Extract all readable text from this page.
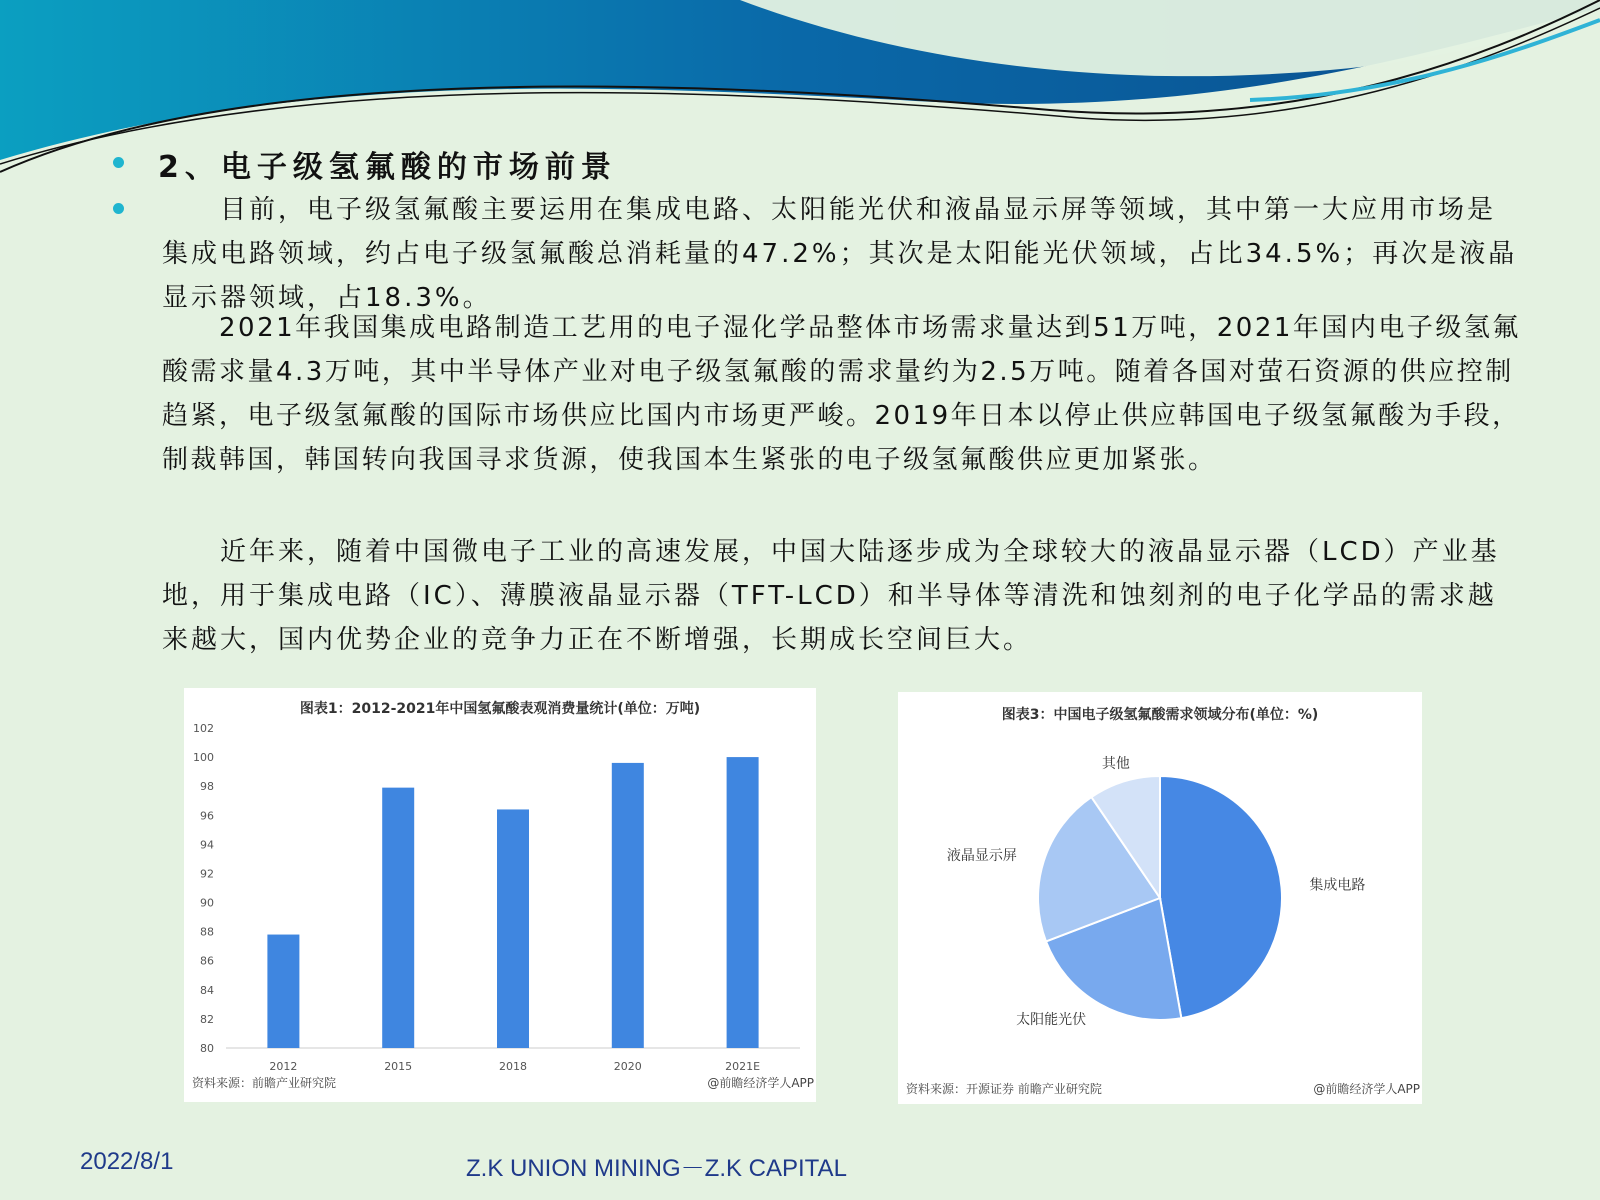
2、电子级氢氟酸的市场前景

　　目前，电子级氢氟酸主要运用在集成电路、太阳能光伏和液晶显示屏等领域，其中第一大应用市场是集成电路领域，约占电子级氢氟酸总消耗量的47.2%；其次是太阳能光伏领域，占比34.5%；再次是液晶显示器领域，占18.3%。

　　2021年我国集成电路制造工艺用的电子湿化学品整体市场需求量达到51万吨，2021年国内电子级氢氟酸需求量4.3万吨，其中半导体产业对电子级氢氟酸的需求量约为2.5万吨。随着各国对萤石资源的供应控制趋紧，电子级氢氟酸的国际市场供应比国内市场更严峻。2019年日本以停止供应韩国电子级氢氟酸为手段，制裁韩国，韩国转向我国寻求货源，使我国本生紧张的电子级氢氟酸供应更加紧张。

　　近年来，随着中国微电子工业的高速发展，中国大陆逐步成为全球较大的液晶显示器（LCD）产业基地，用于集成电路（IC）、薄膜液晶显示器（TFT-LCD）和半导体等清洗和蚀刻剂的电子化学品的需求越来越大，国内优势企业的竞争力正在不断增强，长期成长空间巨大。

图表1：2012-2021年中国氢氟酸表观消费量统计(单位：万吨)
80
82
84
86
88
90
92
94
96
98
100
102
2012	2015	2018	2020	2021E
资料来源：前瞻产业研究院	@前瞻经济学人APP
图表3：中国电子级氢氟酸需求领域分布(单位：%)
集成电路
太阳能光伏
液晶显示屏
其他
资料来源：开源证券 前瞻产业研究院	@前瞻经济学人APP
2022/8/1	Z.K UNION MINING－Z.K CAPITAL
